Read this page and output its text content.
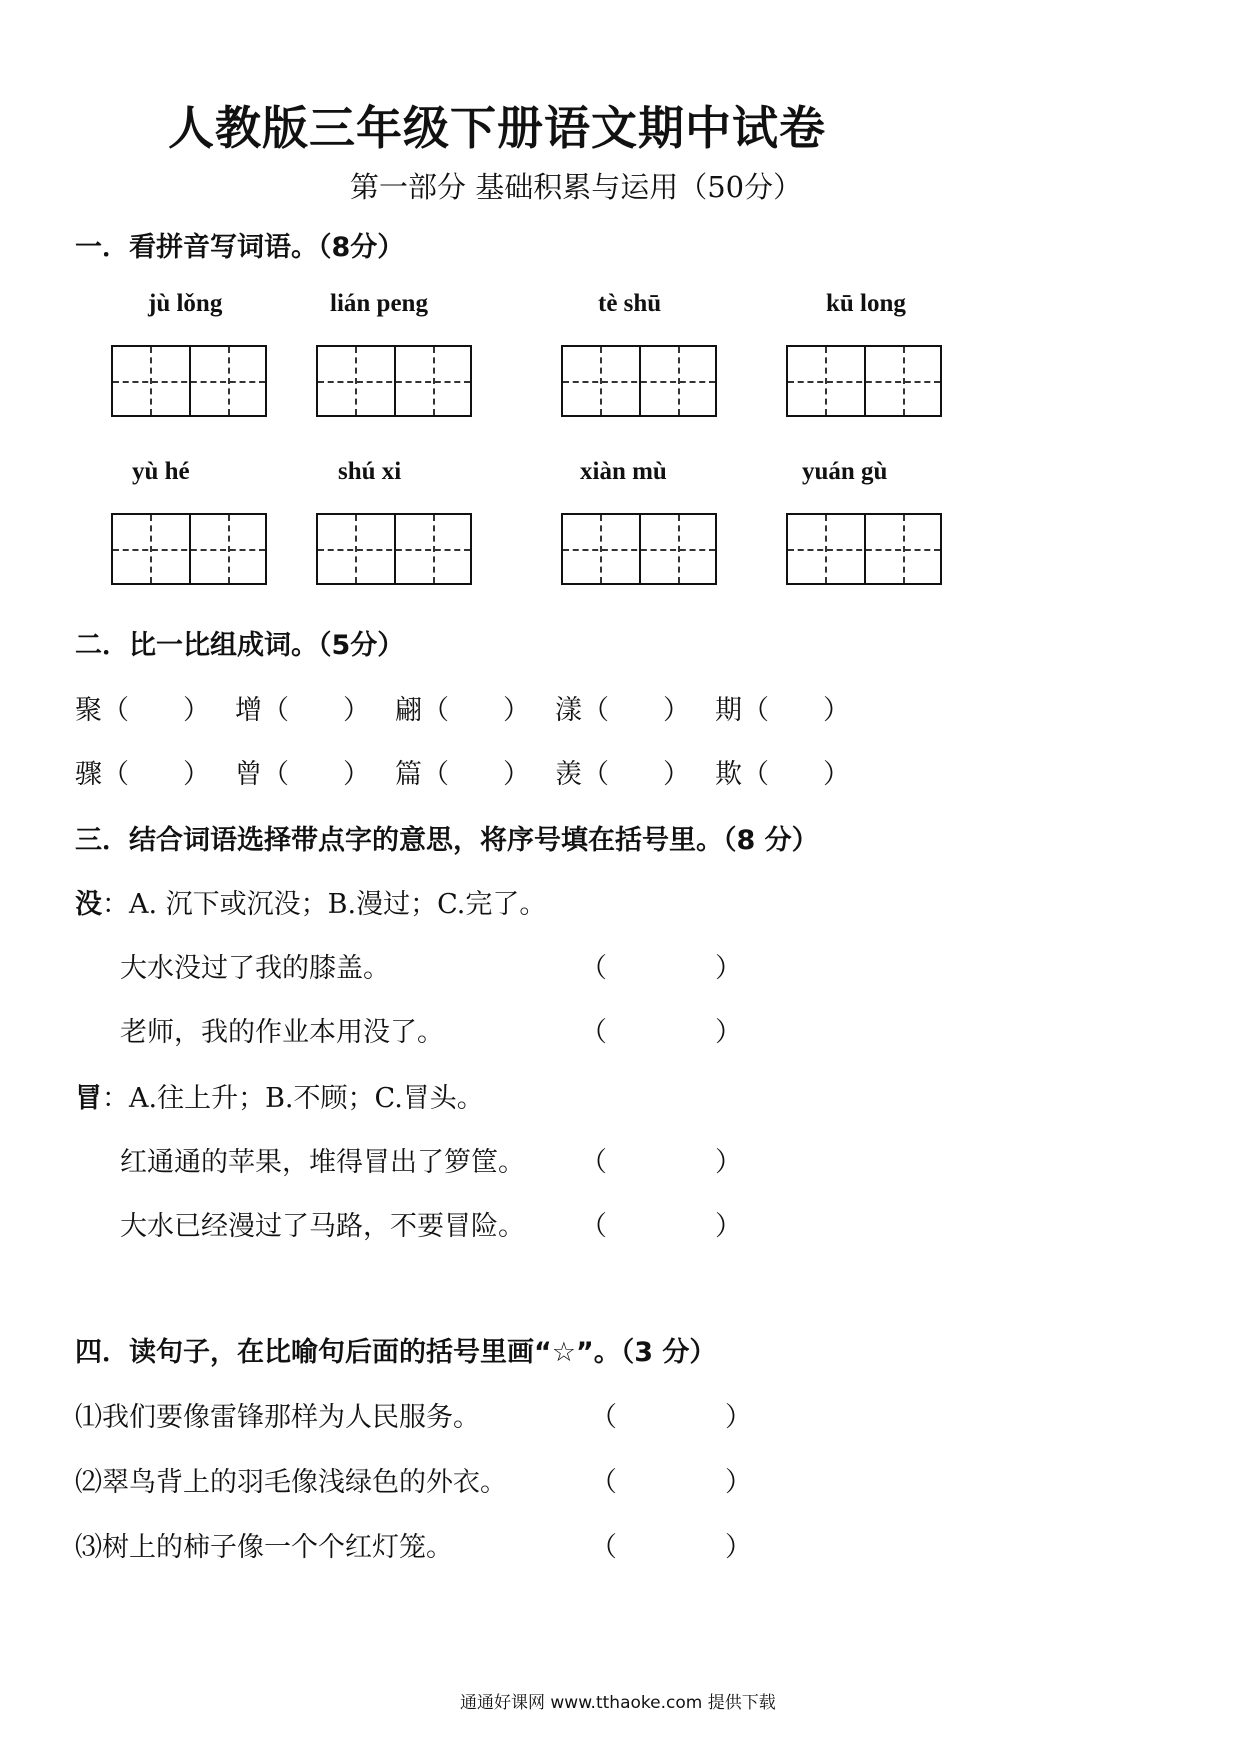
人教版三年级下册语文期中试卷
第一部分 基础积累与运用（50分）
一．看拼音写词语。（8分）
jù lǒng	lián peng	tè shū	kū long
yù hé	shú xi	xiàn mù	yuán gù
二．比一比组成词。（5分）
聚（　　） 增（　　） 翩（　　） 漾（　　） 期（　　）
骤（　　） 曾（　　） 篇（　　） 羡（　　） 欺（　　）
三．结合词语选择带点字的意思，将序号填在括号里。（8 分）
没：A. 沉下或沉没；B.漫过；C.完了。
大水没过了我的膝盖。	（　　　　）
老师，我的作业本用没了。	（　　　　）
冒：A.往上升；B.不顾；C.冒头。
红通通的苹果，堆得冒出了箩筐。 （　　　　）
大水已经漫过了马路，不要冒险。 （　　　　）
四．读句子，在比喻句后面的括号里画“☆”。（3 分）
⑴我们要像雷锋那样为人民服务。	（　　　　）
⑵翠鸟背上的羽毛像浅绿色的外衣。	（　　　　）
⑶树上的柿子像一个个红灯笼。	（　　　　）
通通好课网 www.tthaoke.com 提供下载
